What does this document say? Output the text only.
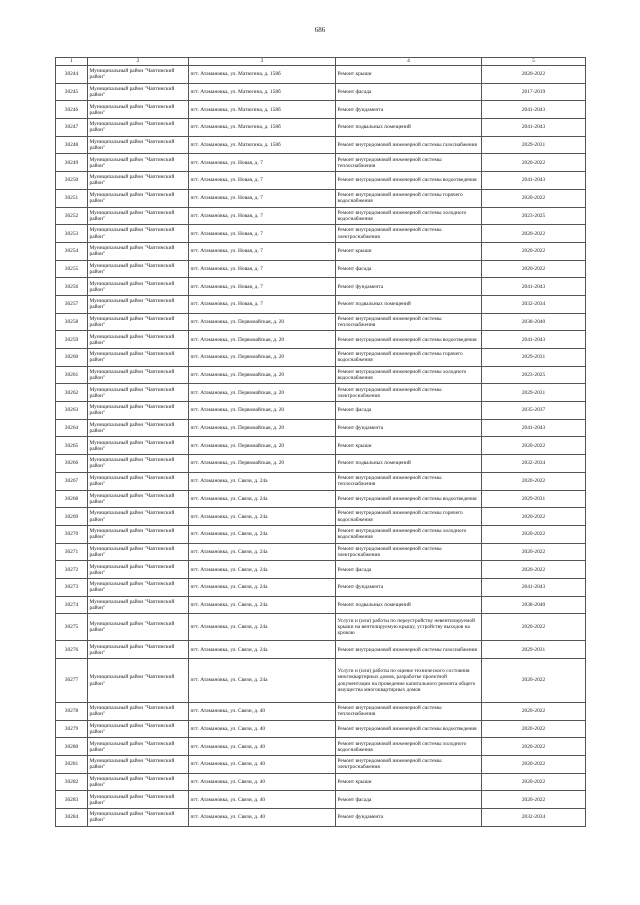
686
1	2	3	4	5
30244	Муниципальный район "Чаптинский район"	пгт. Атамановка, ул. Матюгина, д. 158б	Ремонт крыши	2020-2022
30245	Муниципальный район "Чаптинский район"	пгт. Атамановка, ул. Матюгина, д. 158б	Ремонт фасада	2017-2019
30246	Муниципальный район "Чаптинский район"	пгт. Атамановка, ул. Матюгина, д. 158б	Ремонт фундамента	2041-2043
30247	Муниципальный район "Чаптинский район"	пгт. Атамановка, ул. Матюгина, д. 158б	Ремонт подвальных помещений	2041-2043
30248	Муниципальный район "Чаптинский район"	пгт. Атамановка, ул. Матюгина, д. 158б	Ремонт внутридомовой инженерной системы газоснабжения	2029-2031
30249	Муниципальный район "Чаптинский район"	пгт. Атамановка, ул. Новая, д. 7	Ремонт внутридомовой инженерной системы теплоснабжения	2020-2022
30250	Муниципальный район "Чаптинский район"	пгт. Атамановка, ул. Новая, д. 7	Ремонт внутридомовой инженерной системы водоотведения	2041-2043
30251	Муниципальный район "Чаптинский район"	пгт. Атамановка, ул. Новая, д. 7	Ремонт внутридомовой инженерной системы горячего водоснабжения	2020-2022
30252	Муниципальный район "Чаптинский район"	пгт. Атамановка, ул. Новая, д. 7	Ремонт внутридомовой инженерной системы холодного водоснабжения	2023-2025
30253	Муниципальный район "Чаптинский район"	пгт. Атамановка, ул. Новая, д. 7	Ремонт внутридомовой инженерной системы электроснабжения	2020-2022
30254	Муниципальный район "Чаптинский район"	пгт. Атамановка, ул. Новая, д. 7	Ремонт крыши	2020-2022
30255	Муниципальный район "Чаптинский район"	пгт. Атамановка, ул. Новая, д. 7	Ремонт фасада	2020-2022
30256	Муниципальный район "Чаптинский район"	пгт. Атамановка, ул. Новая, д. 7	Ремонт фундамента	2041-2043
30257	Муниципальный район "Чаптинский район"	пгт. Атамановка, ул. Новая, д. 7	Ремонт подвальных помещений	2032-2034
30258	Муниципальный район "Чаптинский район"	пгт. Атамановка, ул. Первомайская, д. 20	Ремонт внутридомовой инженерной системы теплоснабжения	2038-2040
30259	Муниципальный район "Чаптинский район"	пгт. Атамановка, ул. Первомайская, д. 20	Ремонт внутридомовой инженерной системы водоотведения	2041-2043
30260	Муниципальный район "Чаптинский район"	пгт. Атамановка, ул. Первомайская, д. 20	Ремонт внутридомовой инженерной системы горячего водоснабжения	2029-2031
30261	Муниципальный район "Чаптинский район"	пгт. Атамановка, ул. Первомайская, д. 20	Ремонт внутридомовой инженерной системы холодного водоснабжения	2023-2025
30262	Муниципальный район "Чаптинский район"	пгт. Атамановка, ул. Первомайская, д. 20	Ремонт внутридомовой инженерной системы электроснабжения	2029-2031
30263	Муниципальный район "Чаптинский район"	пгт. Атамановка, ул. Первомайская, д. 20	Ремонт фасада	2035-2037
30264	Муниципальный район "Чаптинский район"	пгт. Атамановка, ул. Первомайская, д. 20	Ремонт фундамента	2041-2043
30265	Муниципальный район "Чаптинский район"	пгт. Атамановка, ул. Первомайская, д. 20	Ремонт крыши	2020-2022
30266	Муниципальный район "Чаптинский район"	пгт. Атамановка, ул. Первомайская, д. 20	Ремонт подвальных помещений	2032-2034
30267	Муниципальный район "Чаптинский район"	пгт. Атамановка, ул. Связи, д. 24а	Ремонт внутридомовой инженерной системы теплоснабжения	2020-2022
30268	Муниципальный район "Чаптинский район"	пгт. Атамановка, ул. Связи, д. 24а	Ремонт внутридомовой инженерной системы водоотведения	2029-2031
30269	Муниципальный район "Чаптинский район"	пгт. Атамановка, ул. Связи, д. 24а	Ремонт внутридомовой инженерной системы горячего водоснабжения	2020-2022
30270	Муниципальный район "Чаптинский район"	пгт. Атамановка, ул. Связи, д. 24а	Ремонт внутридомовой инженерной системы холодного водоснабжения	2020-2022
30271	Муниципальный район "Чаптинский район"	пгт. Атамановка, ул. Связи, д. 24а	Ремонт внутридомовой инженерной системы электроснабжения	2020-2022
30272	Муниципальный район "Чаптинский район"	пгт. Атамановка, ул. Связи, д. 24а	Ремонт фасада	2020-2022
30273	Муниципальный район "Чаптинский район"	пгт. Атамановка, ул. Связи, д. 24а	Ремонт фундамента	2041-2043
30274	Муниципальный район "Чаптинский район"	пгт. Атамановка, ул. Связи, д. 24а	Ремонт подвальных помещений	2038-2040
30275	Муниципальный район "Чаптинский район"	пгт. Атамановка, ул. Связи, д. 24а	Услуги и (или) работы по переустройству невентилируемой крыши на вентилируемую крышу, устройству выходов на кровлю	2020-2022
30276	Муниципальный район "Чаптинский район"	пгт. Атамановка, ул. Связи, д. 24а	Ремонт внутридомовой инженерной системы газоснабжения	2029-2031
30277	Муниципальный район "Чаптинский район"	пгт. Атамановка, ул. Связи, д. 24а	Услуги и (или) работы по оценке технического состояния многоквартирных домов, разработке проектной документации на проведение капитального ремонта общего имущества многоквартирных домов	2020-2022
30278	Муниципальный район "Чаптинский район"	пгт. Атамановка, ул. Связи, д. 40	Ремонт внутридомовой инженерной системы теплоснабжения	2020-2022
30279	Муниципальный район "Чаптинский район"	пгт. Атамановка, ул. Связи, д. 40	Ремонт внутридомовой инженерной системы водоотведения	2020-2022
30280	Муниципальный район "Чаптинский район"	пгт. Атамановка, ул. Связи, д. 40	Ремонт внутридомовой инженерной системы холодного водоснабжения	2020-2022
30281	Муниципальный район "Чаптинский район"	пгт. Атамановка, ул. Связи, д. 40	Ремонт внутридомовой инженерной системы электроснабжения	2020-2022
30282	Муниципальный район "Чаптинский район"	пгт. Атамановка, ул. Связи, д. 40	Ремонт крыши	2020-2022
30283	Муниципальный район "Чаптинский район"	пгт. Атамановка, ул. Связи, д. 40	Ремонт фасада	2020-2022
30284	Муниципальный район "Чаптинский район"	пгт. Атамановка, ул. Связи, д. 40	Ремонт фундамента	2032-2034
